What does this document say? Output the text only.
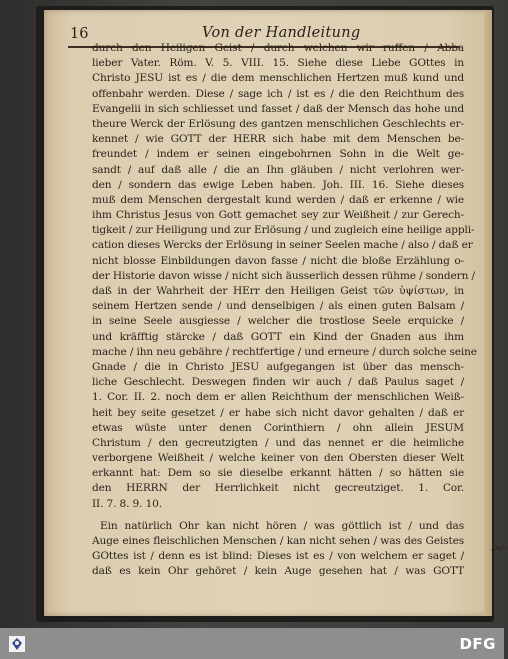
16	Von der Handleitung
be-
durch den Heiligen Geist / durch welchen wir ruffen / Abba
lieber Vater. Röm. V. 5. VIII. 15. Siehe diese Liebe GOttes in
Christo JESU ist es / die dem menschlichen Hertzen muß kund und
offenbahr werden. Diese / sage ich / ist es / die den Reichthum des
Evangelii in sich schliesset und fasset / daß der Mensch das hohe und
theure Werck der Erlösung des gantzen menschlichen Geschlechts er-
kennet / wie GOTT der HERR sich habe mit dem Menschen be-
freundet / indem er seinen eingebohrnen Sohn in die Welt ge-
sandt / auf daß alle / die an Ihn gläuben / nicht verlohren wer-
den / sondern das ewige Leben haben. Joh. III. 16. Siehe dieses
muß dem Menschen dergestalt kund werden / daß er erkenne / wie
ihm Christus Jesus von Gott gemachet sey zur Weißheit / zur Gerech-
tigkeit / zur Heiligung und zur Erlösung / und zugleich eine heilige appli-
cation dieses Wercks der Erlösung in seiner Seelen mache / also / daß er
nicht blosse Einbildungen davon fasse / nicht die bloße Erzählung o-
der Historie davon wisse / nicht sich äusserlich dessen rühme / sondern /
daß in der Wahrheit der HErr den Heiligen Geist τῶν ὑψίστων, in
seinem Hertzen sende / und denselbigen / als einen guten Balsam /
in seine Seele ausgiesse / welcher die trostlose Seele erquicke /
und kräfftig stärcke / daß GOTT ein Kind der Gnaden aus ihm
mache / ihn neu gebähre / rechtfertige / und erneure / durch solche seine
Gnade / die in Christo JESU aufgegangen ist über das mensch-
liche Geschlecht. Deswegen finden wir auch / daß Paulus saget /
1. Cor. II. 2. noch dem er allen Reichthum der menschlichen Weiß-
heit bey seite gesetzet / er habe sich nicht davor gehalten / daß er
etwas wüste unter denen Corinthiern / ohn allein JESUM
Christum / den gecreutzigten / und das nennet er die heimliche
verborgene Weißheit / welche keiner von den Obersten dieser Welt
erkannt hat: Dem so sie dieselbe erkannt hätten / so hätten sie
den HERRN der Herrlichkeit nicht gecreutziget. 1. Cor.
II. 7. 8. 9. 10.
Ein natürlich Ohr kan nicht hören / was göttlich ist / und das
Auge eines fleischlichen Menschen / kan nicht sehen / was des Geistes
GOttes ist / denn es ist blind: Dieses ist es / von welchem er saget /
daß es kein Ohr gehöret / kein Auge gesehen hat / was GOTT
DFG
